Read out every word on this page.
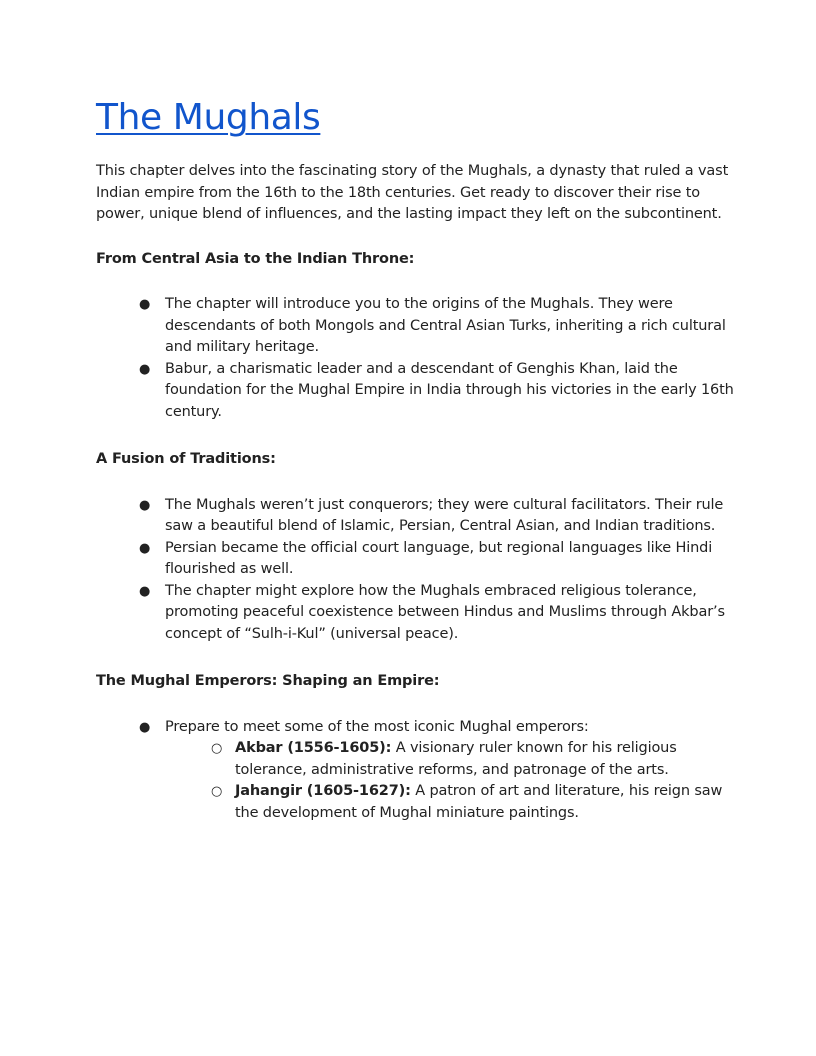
The Mughals

This chapter delves into the fascinating story of the Mughals, a dynasty that ruled a vast Indian empire from the 16th to the 18th centuries. Get ready to discover their rise to power, unique blend of influences, and the lasting impact they left on the subcontinent.

From Central Asia to the Indian Throne:
● The chapter will introduce you to the origins of the Mughals. They were descendants of both Mongols and Central Asian Turks, inheriting a rich cultural and military heritage.
● Babur, a charismatic leader and a descendant of Genghis Khan, laid the foundation for the Mughal Empire in India through his victories in the early 16th century.
A Fusion of Traditions:
● The Mughals weren’t just conquerors; they were cultural facilitators. Their rule saw a beautiful blend of Islamic, Persian, Central Asian, and Indian traditions.
● Persian became the official court language, but regional languages like Hindi flourished as well.
● The chapter might explore how the Mughals embraced religious tolerance, promoting peaceful coexistence between Hindus and Muslims through Akbar’s concept of “Sulh-i-Kul” (universal peace).
The Mughal Emperors: Shaping an Empire:
● Prepare to meet some of the most iconic Mughal emperors:
○ Akbar (1556-1605): A visionary ruler known for his religious tolerance, administrative reforms, and patronage of the arts.
○ Jahangir (1605-1627): A patron of art and literature, his reign saw the development of Mughal miniature paintings.
